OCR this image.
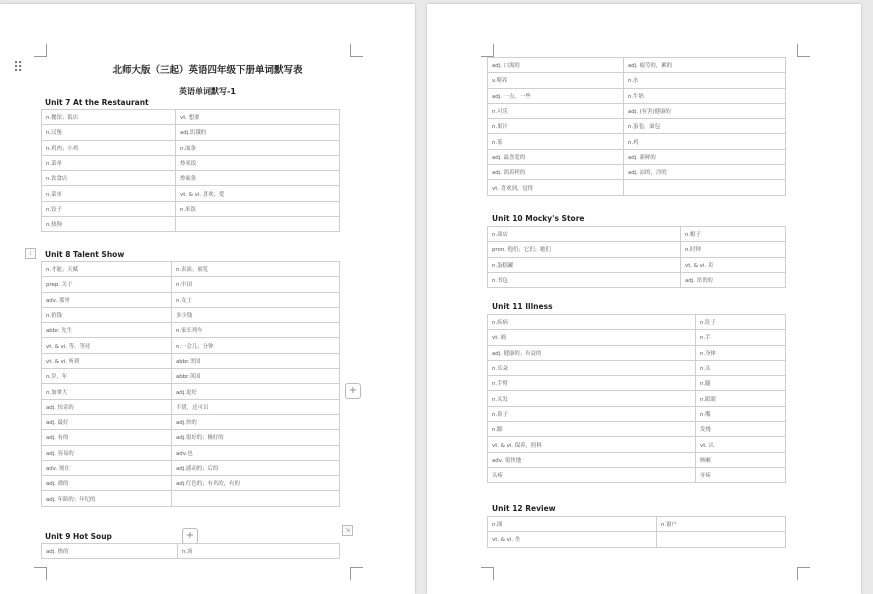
北师大版（三起）英语四年级下册单词默写表
英语单词默写-1
Unit 7 At the Restaurant
n.餐馆；饭店	vt. 想要
n.汉堡	adj.饥饿的
n.鸡肉；小鸡	n.面条
n.菜单	炒米饭
n.饮食店	炒面条
n.菜单	vt. & vi. 喜欢；爱
n.饺子	n.米饭
n.热狗	
Unit 8 Talent Show
n.才能；天赋	n.表演；展览
prep. 关于	n.中国
adv. 那里	n.女士
n.价钱	多少钱
abbr. 先生	n.家长列车
vt. & vi. 等，等待	n.一会儿；分钟
vt. & vi. 听到	abbr.美国
n.岁，年	abbr.英国
n.加拿大	adj.更好
adj. 惊奇的	不错，还可以
adj. 最好	adj.快的
adj. 有的	adj.很好的；极好的
adj. 容易的	adv.也
adv. 现在	adj.感动的；后的
adj. 漂的	adj.红色的；有名的，有的
adj. 年龄的；年纪的	
+	⇲
Unit 9 Hot Soup
adj. 热的	n.汤
⠿
⁞
adj. 口渴的	adj. 疲劳的，累的
v.喂养	n.水
adj. 一点，一些	n.牛奶
n.可乐	adj. (有害)健康的
n.果汁	n.蛋卷，面包
n.茶	n.鸡
adj. 最喜爱的	adj. 新鲜的
adj. 渴着样的	adj. 凉的，冷的
vt. 喜欢到，觉得	
Unit 10 Mocky's Store
n.商店	n.帽子
pron. 他们；它们；她们	n.时钟
n.蛋糕罐	vt. & vi. 卖
n.书包	adj. 昂贵的
Unit 11 Illness
n.疾病	n.肚子
vt. 痛	n.手
adj. 健康的；有益的	n.身体
n.耳朵	n.头
n.手臂	n.腿
n.头发	n.眼睛
n.鼻子	n.嘴
n.脚	发烧
vt. & vi. 保养，照料	vt. 认
adv. 很快地	咳嗽
头疼	牙疼
Unit 12 Review
n.图	n.窗户
vt. & vi. 坐	
+
